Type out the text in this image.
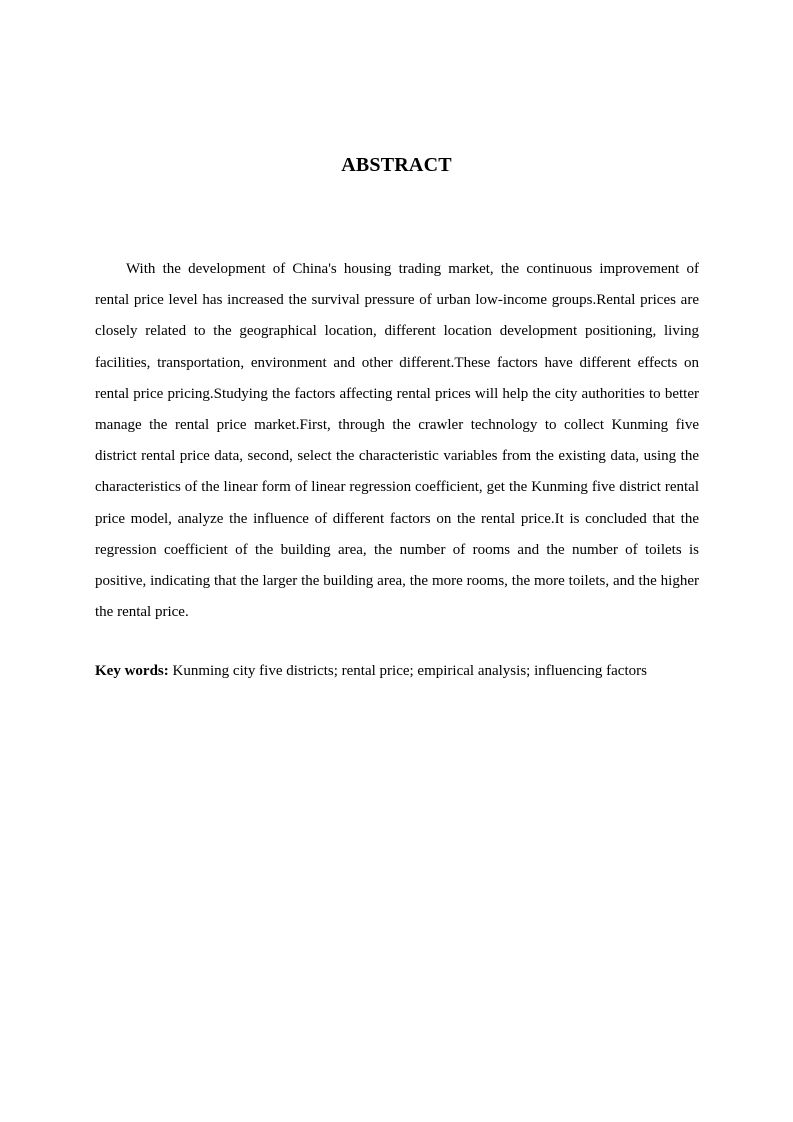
ABSTRACT

With the development of China's housing trading market, the continuous improvement of rental price level has increased the survival pressure of urban low-income groups.Rental prices are closely related to the geographical location, different location development positioning, living facilities, transportation, environment and other different.These factors have different effects on rental price pricing.Studying the factors affecting rental prices will help the city authorities to better manage the rental price market.First, through the crawler technology to collect Kunming five district rental price data, second, select the characteristic variables from the existing data, using the characteristics of the linear form of linear regression coefficient, get the Kunming five district rental price model, analyze the influence of different factors on the rental price.It is concluded that the regression coefficient of the building area, the number of rooms and the number of toilets is positive, indicating that the larger the building area, the more rooms, the more toilets, and the higher the rental price.

Key words: Kunming city five districts; rental price; empirical analysis; influencing factors
